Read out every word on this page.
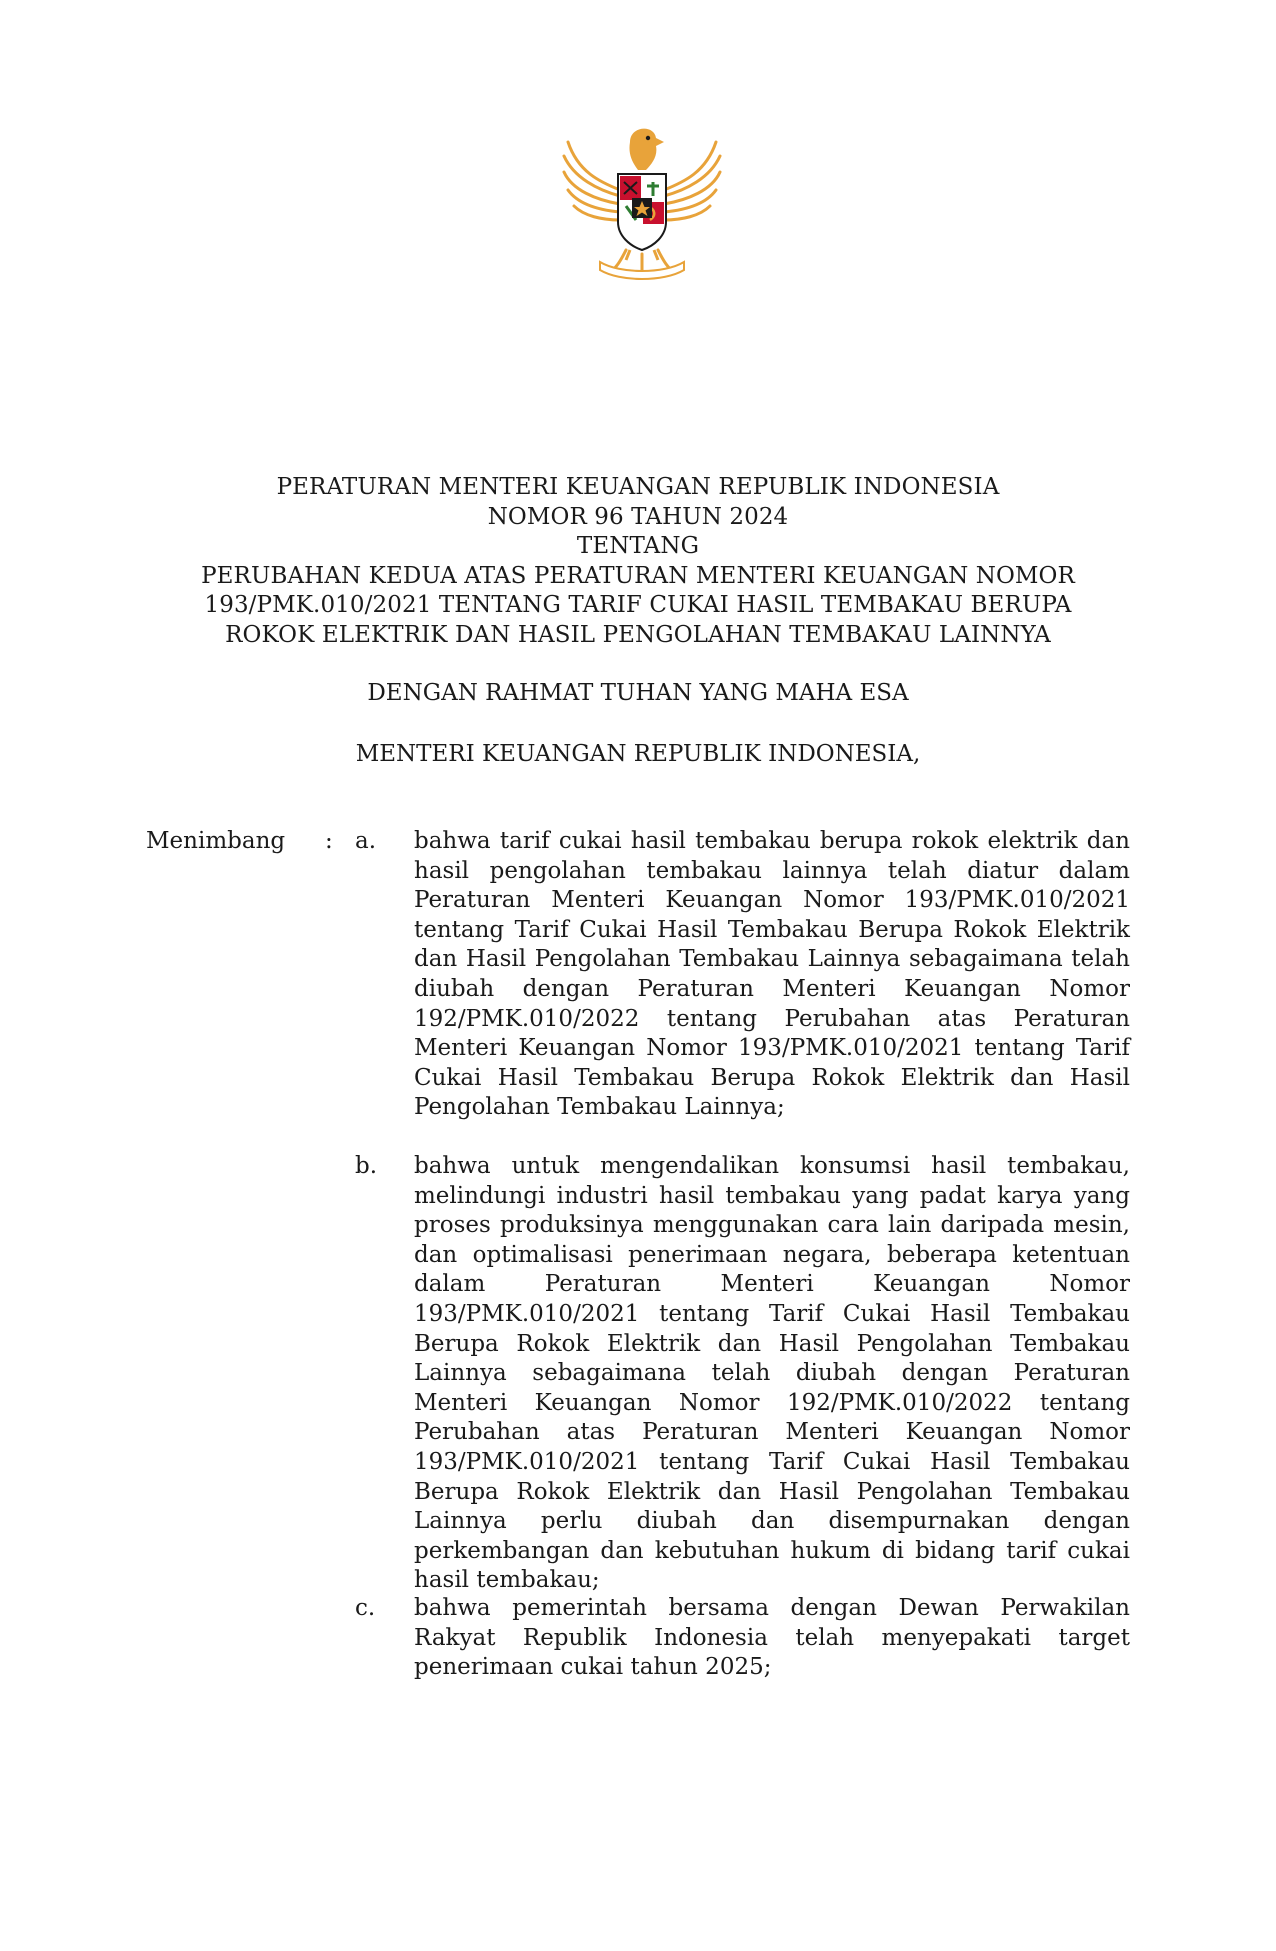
PERATURAN MENTERI KEUANGAN REPUBLIK INDONESIA
NOMOR 96 TAHUN 2024
TENTANG
PERUBAHAN KEDUA ATAS PERATURAN MENTERI KEUANGAN NOMOR
193/PMK.010/2021 TENTANG TARIF CUKAI HASIL TEMBAKAU BERUPA
ROKOK ELEKTRIK DAN HASIL PENGOLAHAN TEMBAKAU LAINNYA
DENGAN RAHMAT TUHAN YANG MAHA ESA
MENTERI KEUANGAN REPUBLIK INDONESIA,
Menimbang : a.	bahwa tarif cukai hasil tembakau berupa rokok elektrik dan hasil pengolahan tembakau lainnya telah diatur dalam Peraturan Menteri Keuangan Nomor 193/PMK.010/2021 tentang Tarif Cukai Hasil Tembakau Berupa Rokok Elektrik dan Hasil Pengolahan Tembakau Lainnya sebagaimana telah diubah dengan Peraturan Menteri Keuangan Nomor 192/PMK.010/2022 tentang Perubahan atas Peraturan Menteri Keuangan Nomor 193/PMK.010/2021 tentang Tarif Cukai Hasil Tembakau Berupa Rokok Elektrik dan Hasil Pengolahan Tembakau Lainnya;
b.	bahwa untuk mengendalikan konsumsi hasil tembakau, melindungi industri hasil tembakau yang padat karya yang proses produksinya menggunakan cara lain daripada mesin, dan optimalisasi penerimaan negara, beberapa ketentuan dalam Peraturan Menteri Keuangan Nomor 193/PMK.010/2021 tentang Tarif Cukai Hasil Tembakau Berupa Rokok Elektrik dan Hasil Pengolahan Tembakau Lainnya sebagaimana telah diubah dengan Peraturan Menteri Keuangan Nomor 192/PMK.010/2022 tentang Perubahan atas Peraturan Menteri Keuangan Nomor 193/PMK.010/2021 tentang Tarif Cukai Hasil Tembakau Berupa Rokok Elektrik dan Hasil Pengolahan Tembakau Lainnya perlu diubah dan disempurnakan dengan perkembangan dan kebutuhan hukum di bidang tarif cukai hasil tembakau;
c.	bahwa pemerintah bersama dengan Dewan Perwakilan Rakyat Republik Indonesia telah menyepakati target penerimaan cukai tahun 2025;
